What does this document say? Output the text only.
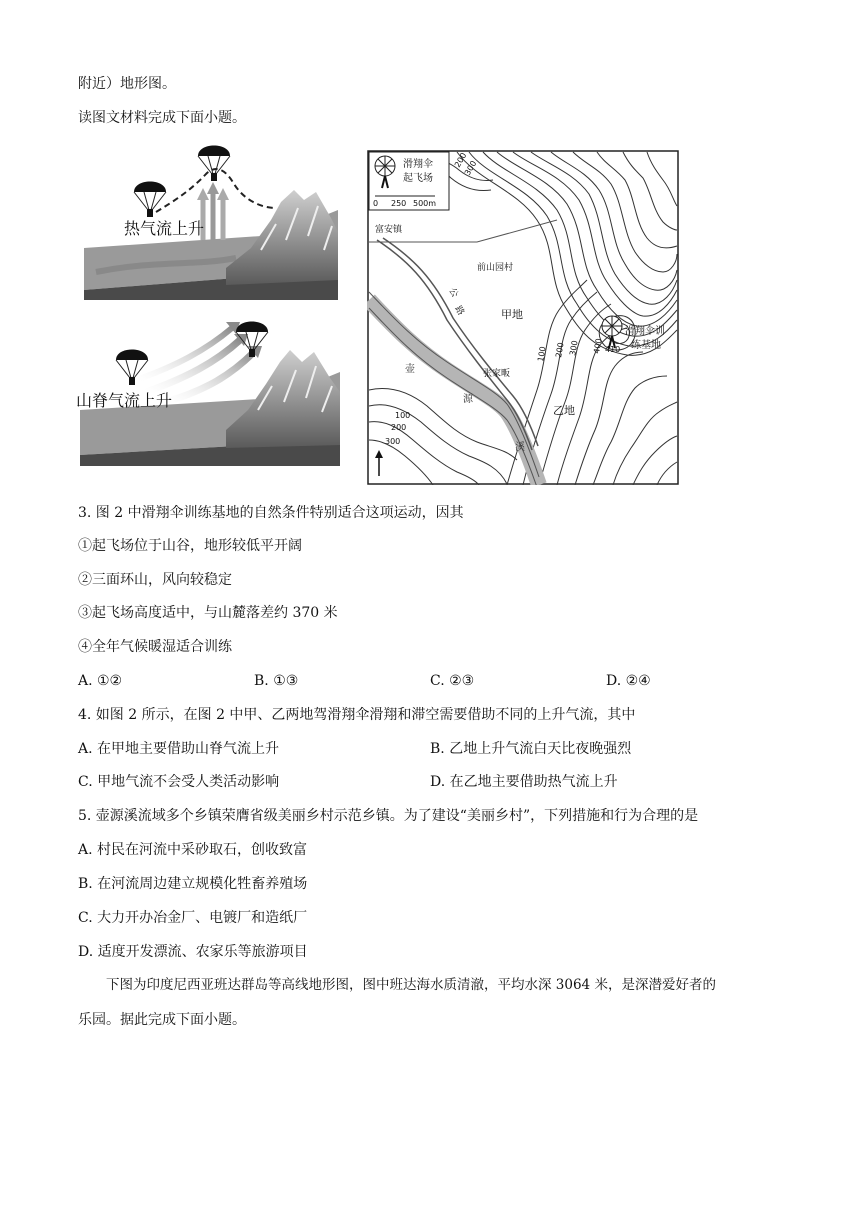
附近）地形图。
读图文材料完成下面小题。
热气流上升
山脊气流上升
滑翔伞
起飞场
0 250 500m
富安镇
前山园村
公
路	甲地
张家畈
乙地
壶
源
溪
滑翔伞训
练基地
410
100 200 300 400
200
300
100
200
300
3. 图 2 中滑翔伞训练基地的自然条件特别适合这项运动，因其
①起飞场位于山谷，地形较低平开阔
②三面环山，风向较稳定
③起飞场高度适中，与山麓落差约 370 米
④全年气候暖湿适合训练
A. ①②	B. ①③	C. ②③	D. ②④
4. 如图 2 所示，在图 2 中甲、乙两地驾滑翔伞滑翔和滞空需要借助不同的上升气流，其中
A. 在甲地主要借助山脊气流上升	B. 乙地上升气流白天比夜晚强烈
C. 甲地气流不会受人类活动影响	D. 在乙地主要借助热气流上升
5. 壶源溪流域多个乡镇荣膺省级美丽乡村示范乡镇。为了建设“美丽乡村”，下列措施和行为合理的是
A. 村民在河流中采砂取石，创收致富
B. 在河流周边建立规模化牲畜养殖场
C. 大力开办冶金厂、电镀厂和造纸厂
D. 适度开发漂流、农家乐等旅游项目
下图为印度尼西亚班达群岛等高线地形图，图中班达海水质清澈，平均水深 3064 米，是深潜爱好者的
乐园。据此完成下面小题。
